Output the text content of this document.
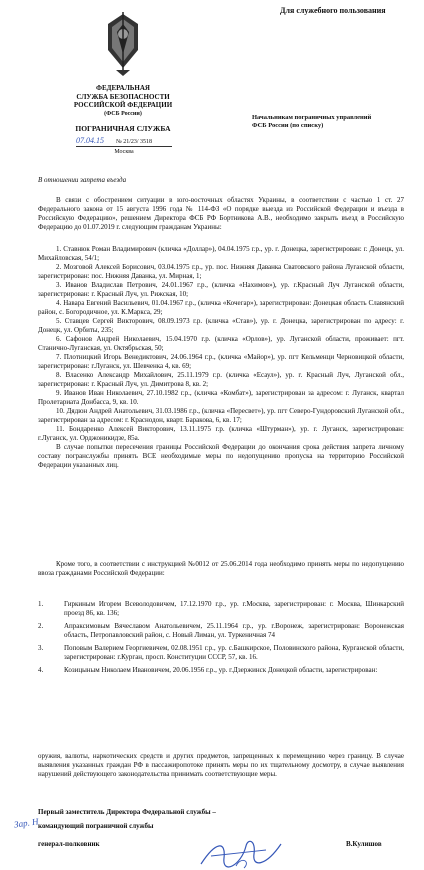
Для служебного пользования
ФЕДЕРАЛЬНАЯ
СЛУЖБА БЕЗОПАСНОСТИ
РОССИЙСКОЙ ФЕДЕРАЦИИ
(ФСБ России)
ПОГРАНИЧНАЯ СЛУЖБА
07.04.15 № 21/23/ 3518
Москва
Начальникам пограничных управлений
ФСБ России (по списку)
В отношении запрета въезда
В связи с обострением ситуации в юго-восточных областях Украины, в соответствии с частью 1 ст. 27 Федерального закона от 15 августа 1996 года № 114-ФЗ «О порядке выезда из Российской Федерации и въезда в Российскую Федерацию», решением Директора ФСБ РФ Бортникова А.В., необходимо закрыть въезд в Российскую Федерацию до 01.07.2019 г. следующим гражданам Украины:
1. Ставнюк Роман Владимирович (кличка «Доллар»), 04.04.1975 г.р., ур. г. Донецка, зарегистрирован: г. Донецк, ул. Михайловская, 54/1;
2. Мозговой Алексей Борисович, 03.04.1975 г.р., ур. пос. Нижняя Даванка Сватовского района Луганской области, зарегистрирован: пос. Нижняя Даванка, ул. Мирная, 1;
3. Иванов Владислав Петрович, 24.01.1967 г.р., (кличка «Нахимов»), ур. г.Красный Луч Луганской области, зарегистрирован: г. Красный Луч, ул. Рижская, 10;
4. Навара Евгений Васильевич, 01.04.1967 г.р., (кличка «Кочегар»), зарегистрирован: Донецкая область Славянский район, с. Богородичное, ул. К.Маркса, 29;
5. Ставцев Сергей Викторович, 08.09.1973 г.р. (кличка «Став»), ур. г. Донецка, зарегистрирован по адресу: г. Донецк, ул. Орбиты, 235;
6. Сафонов Андрей Николаевич, 15.04.1970 г.р. (кличка «Орлов»), ур. Луганской области, проживает: пгт. Станично-Луганская, ул. Октябрьская, 50;
7. Плотницкий Игорь Венедиктович, 24.06.1964 г.р., (кличка «Майор»), ур. пгт Кельменци Черновицкой области, зарегистрирован: г.Луганск, ул. Шевченка 4, кв. 69;
8. Власенко Александр Михайлович, 25.11.1979 г.р. (кличка «Есаул»), ур. г. Красный Луч, Луганской обл., зарегистрирован: г. Красный Луч, ул. Димитрова 8, кв. 2;
9. Иванов Иван Николаевич, 27.10.1982 г.р., (кличка «Комбат»), зарегистрирован за адресом: г. Луганск, квартал Пролетариата Донбасса, 9, кв. 10.
10. Дядюн Андрей Анатольевич, 31.03.1986 г.р., (кличка «Пересвет»), ур. пгт Северо-Гундоровский Луганской обл., зарегистрирован за адресом: г. Краснодон, кварт. Баракова, 6, кв. 17;
11. Бондаренко Алексей Викторович, 13.11.1975 г.р. (кличка «Штурман»), ур. г. Луганск, зарегистрирован: г.Луганск, ул. Орджоникидзе, 85а.
В случае попытки пересечения границы Российской Федерации до окончания срока действия запрета личному составу погранслужбы принять ВСЕ необходимые меры по недопущению пропуска на территорию Российской Федерации указанных лиц.
Кроме того, в соответствии с инструкцией №0012 от 25.06.2014 года необходимо принять меры по недопущению ввоза гражданами Российской Федерации:
1.	Гиркиным Игорем Всеволодовичем, 17.12.1970 г.р., ур. г.Москва, зарегистрирован: г. Москва, Шинкарский проезд 86, кв. 136;
2.	Апраксимовым Вячеславом Анатольевичем, 25.11.1964 г.р., ур. г.Воронеж, зарегистрирован: Воронежская область, Петропавловский район, с. Новый Лиман, ул. Туркеничная 74
3.	Поповым Валерием Георгиевичем, 02.08.1951 г.р., ур. с.Башкирское, Половинского района, Курганской области, зарегистрирован: г.Курган, просп. Конституции СССР, 57, кв. 16.
4.	Козицыным Николаем Ивановичем, 20.06.1956 г.р., ур. г.Дзержинск Донецкой области, зарегистрирован:
оружия, валюты, наркотических средств и других предметов, запрещенных к перемещению через границу. В случае выявления указанных граждан РФ в пассажиропотоке принять меры по их тщательному досмотру, в случае выявления нарушений действующего законодательства принимать соответствующие меры.
Первый заместитель Директора Федеральной службы –
командующий пограничной службы
генерал-полковник	В.Кулишов
Зар. Н
